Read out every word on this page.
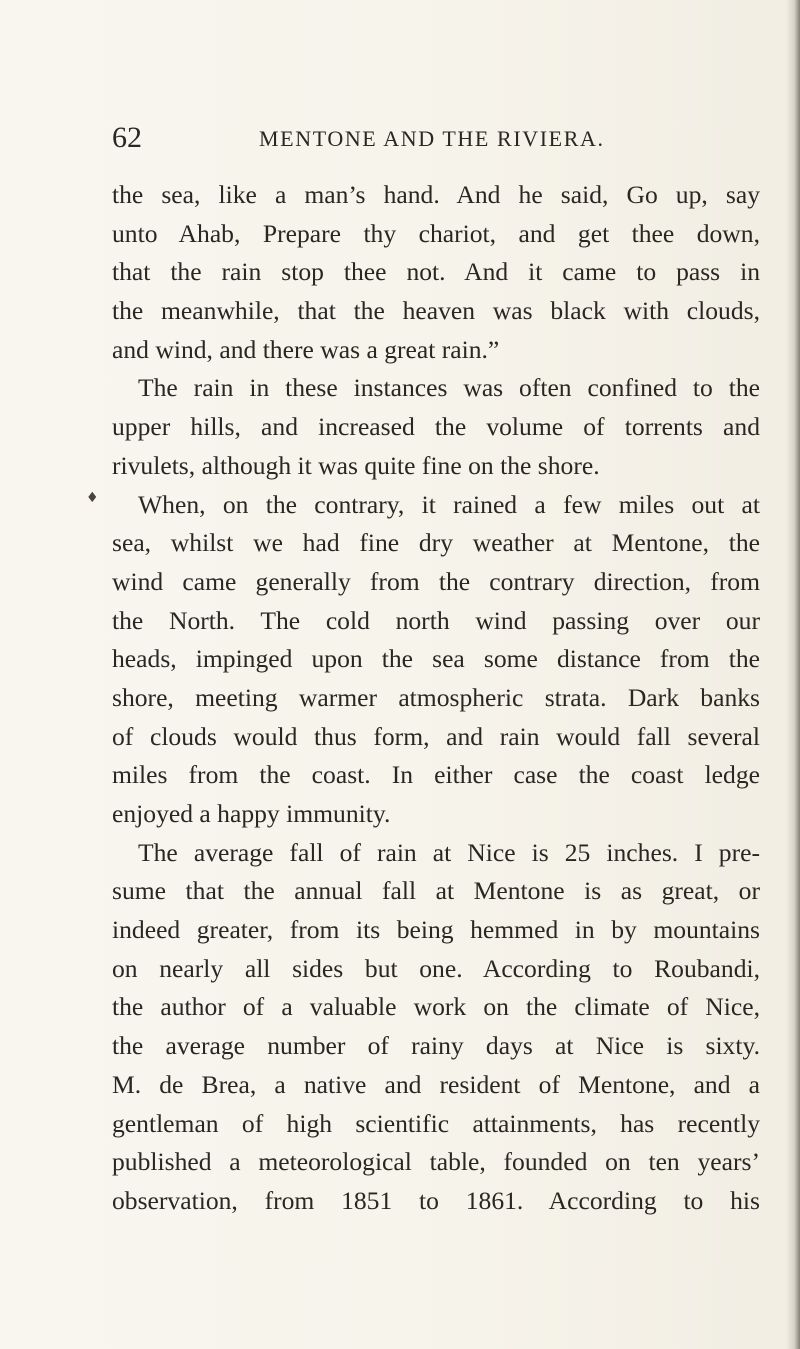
62	MENTONE AND THE RIVIERA.
♦
the sea, like a man’s hand. And he said, Go up, say
unto Ahab, Prepare thy chariot, and get thee down,
that the rain stop thee not. And it came to pass in
the meanwhile, that the heaven was black with clouds,
and wind, and there was a great rain.”
The rain in these instances was often confined to the
upper hills, and increased the volume of torrents and
rivulets, although it was quite fine on the shore.
When, on the contrary, it rained a few miles out at
sea, whilst we had fine dry weather at Mentone, the
wind came generally from the contrary direction, from
the North. The cold north wind passing over our
heads, impinged upon the sea some distance from the
shore, meeting warmer atmospheric strata. Dark banks
of clouds would thus form, and rain would fall several
miles from the coast. In either case the coast ledge
enjoyed a happy immunity.
The average fall of rain at Nice is 25 inches. I pre-
sume that the annual fall at Mentone is as great, or
indeed greater, from its being hemmed in by mountains
on nearly all sides but one. According to Roubandi,
the author of a valuable work on the climate of Nice,
the average number of rainy days at Nice is sixty.
M. de Brea, a native and resident of Mentone, and a
gentleman of high scientific attainments, has recently
published a meteorological table, founded on ten years’
observation, from 1851 to 1861. According to his
